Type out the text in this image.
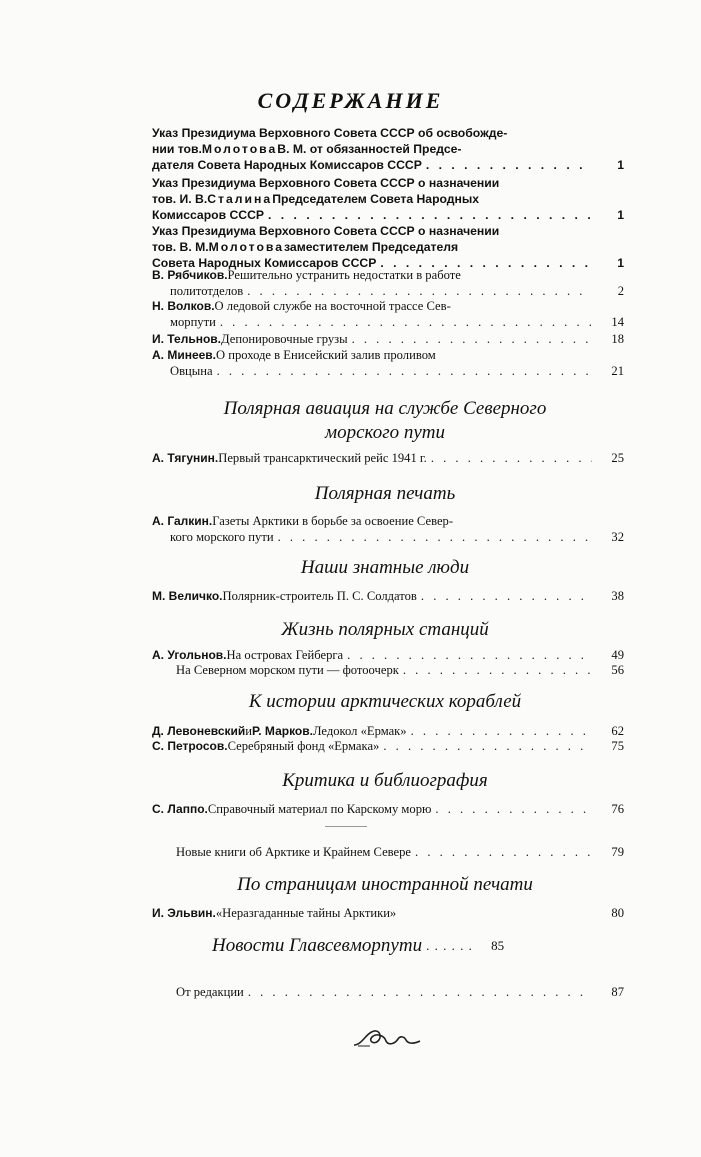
СОДЕРЖАНИЕ
Указ Президиума Верховного Совета СССР об освобожде-
нии тов. Молотова В. М. от обязанностей Предсе-
дателя Совета Народных Комиссаров СССР . . .	1
Указ Президиума Верховного Совета СССР о назначении
тов. И. В. Сталина Председателем Совета Народных
Комиссаров СССР . . .	1
Указ Президиума Верховного Совета СССР о назначении
тов. В. М. Молотова заместителем Председателя
Совета Народных Комиссаров СССР . . .	1
В. Рябчиков. Решительно устранить недостатки в работе
политотделов . . .	2
Н. Волков. О ледовой службе на восточной трассе Сев-
морпути . . .	14
И. Тельнов. Депонировочные грузы . . .	18
А. Минеев. О проходе в Енисейский залив проливом
Овцына . . .	21
Полярная авиация на службе Северного
морского пути
А. Тягунин. Первый трансарктический рейс 1941 г. . . .	25
Полярная печать
А. Галкин. Газеты Арктики в борьбе за освоение Север-
кого морского пути . . .	32
Наши знатные люди
М. Величко. Полярник-строитель П. С. Солдатов . . .	38
Жизнь полярных станций
А. Угольнов. На островах Гейберга . . .	49
На Северном морском пути — фотоочерк . . .	56
К истории арктических кораблей
Д. Левоневский и Р. Марков. Ледокол «Ермак» . . .	62
С. Петросов. Серебряный фонд «Ермака» . . .	75
Критика и библиография
С. Лаппо. Справочный материал по Карскому морю . . .	76
Новые книги об Арктике и Крайнем Севере . . .	79
По страницам иностранной печати
И. Эльвин. «Неразгаданные тайны Арктики»	80
Новости Главсевморпути . . .	85
От редакции . . .	87
